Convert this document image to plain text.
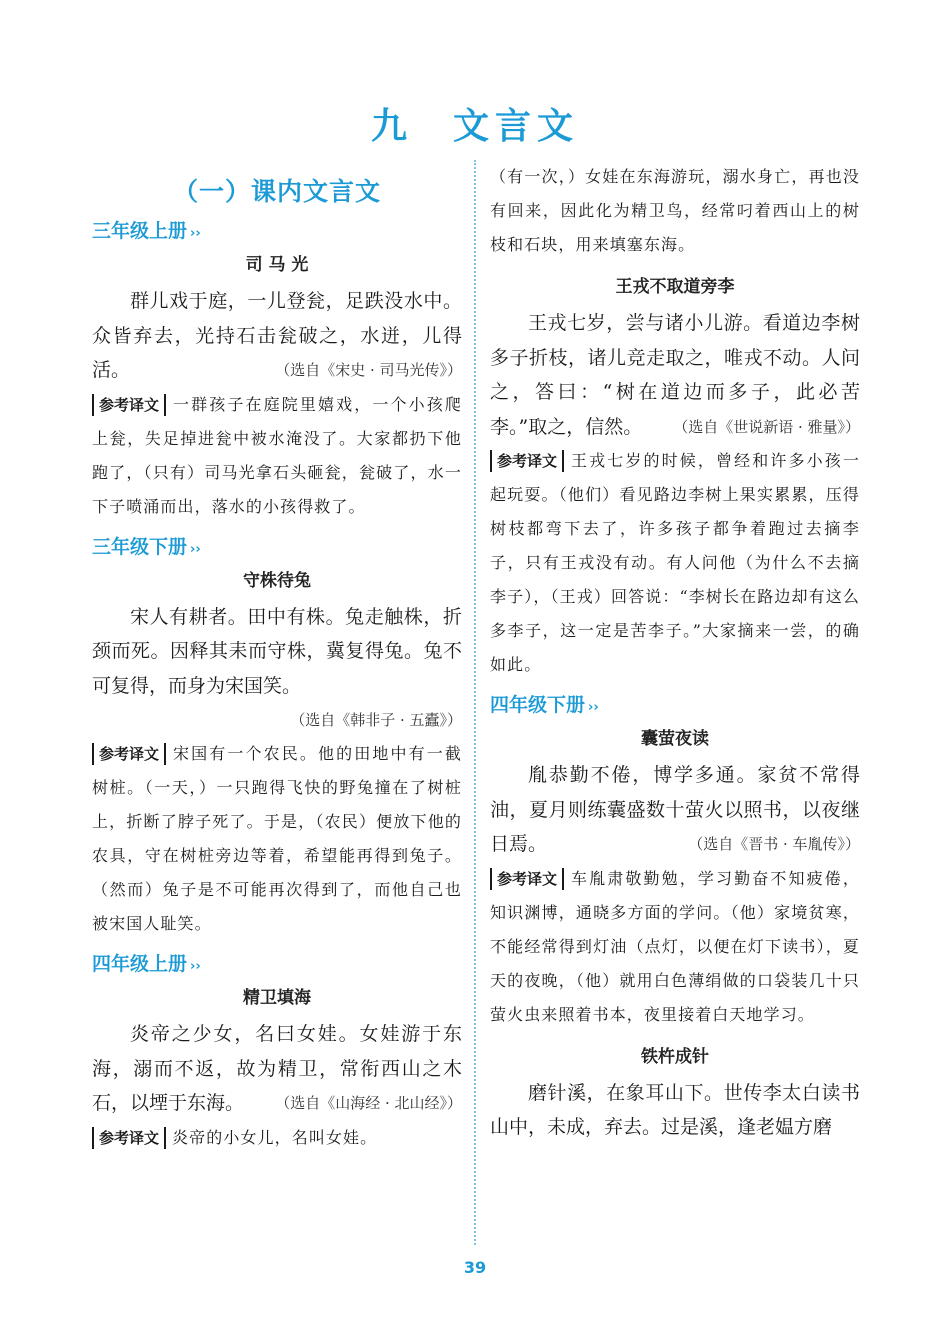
九 文言文
（一）课内文言文
三年级上册 ››
司 马 光

群儿戏于庭，一儿登瓮，足跌没水中。众皆弃去，光持石击瓮破之，水迸，儿得活。	（选自《宋史 · 司马光传》）

参考译文 一群孩子在庭院里嬉戏，一个小孩爬上瓮，失足掉进瓮中被水淹没了。大家都扔下他跑了，（只有）司马光拿石头砸瓮，瓮破了，水一下子喷涌而出，落水的小孩得救了。

三年级下册 ››
守株待兔

宋人有耕者。田中有株。兔走触株，折颈而死。因释其耒而守株，冀复得兔。兔不可复得，而身为宋国笑。

（选自《韩非子 · 五蠹》）

参考译文 宋国有一个农民。他的田地中有一截树桩。（一天，）一只跑得飞快的野兔撞在了树桩上，折断了脖子死了。于是，（农民）便放下他的农具，守在树桩旁边等着，希望能再得到兔子。（然而）兔子是不可能再次得到了，而他自己也被宋国人耻笑。

四年级上册 ››
精卫填海

炎帝之少女，名曰女娃。女娃游于东海，溺而不返，故为精卫，常衔西山之木石，以堙于东海。 （选自《山海经 · 北山经》）

参考译文 炎帝的小女儿，名叫女娃。

（有一次，）女娃在东海游玩，溺水身亡，再也没有回来，因此化为精卫鸟，经常叼着西山上的树枝和石块，用来填塞东海。

王戎不取道旁李

王戎七岁，尝与诸小儿游。看道边李树多子折枝，诸儿竞走取之，唯戎不动。人问之，答曰：“树在道边而多子，此必苦李。”取之，信然。 （选自《世说新语 · 雅量》）

参考译文 王戎七岁的时候，曾经和许多小孩一起玩耍。（他们）看见路边李树上果实累累，压得树枝都弯下去了，许多孩子都争着跑过去摘李子，只有王戎没有动。有人问他（为什么不去摘李子），（王戎）回答说：“李树长在路边却有这么多李子，这一定是苦李子。”大家摘来一尝，的确如此。

四年级下册 ››
囊萤夜读

胤恭勤不倦，博学多通。家贫不常得油，夏月则练囊盛数十萤火以照书，以夜继日焉。	（选自《晋书 · 车胤传》）

参考译文 车胤肃敬勤勉，学习勤奋不知疲倦，知识渊博，通晓多方面的学问。（他）家境贫寒，不能经常得到灯油（点灯，以便在灯下读书），夏天的夜晚，（他）就用白色薄绢做的口袋装几十只萤火虫来照着书本，夜里接着白天地学习。

铁杵成针

磨针溪，在象耳山下。世传李太白读书山中，未成，弃去。过是溪，逢老媪方磨

39
